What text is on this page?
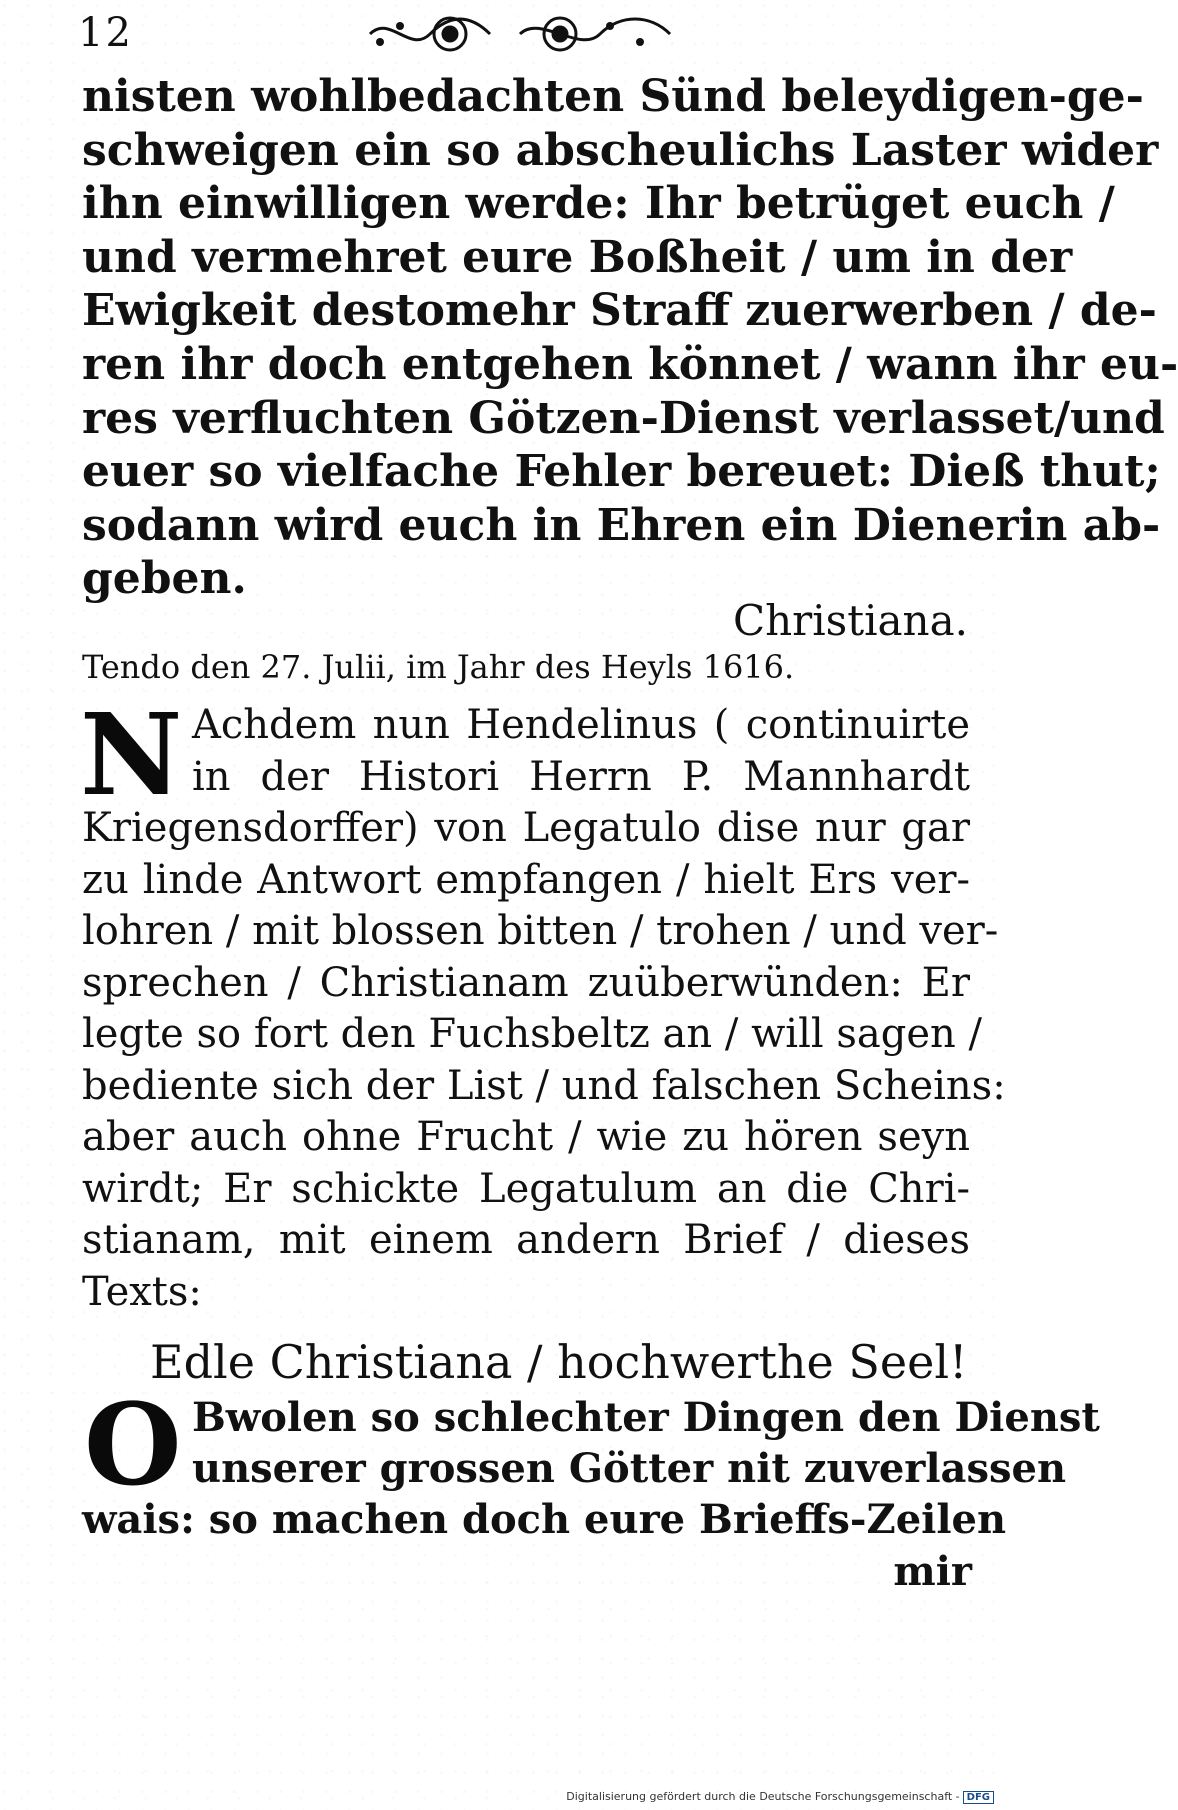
12
nisten wohlbedachten Sünd beleydigen-ge-
schweigen ein so abscheulichs Laster wider
ihn einwilligen werde: Ihr betrüget euch /
und vermehret eure Boßheit / um in der
Ewigkeit destomehr Straff zuerwerben / de-
ren ihr doch entgehen könnet / wann ihr eu-
res verfluchten Götzen-Dienst verlasset/und
euer so vielfache Fehler bereuet: Dieß thut;
sodann wird euch in Ehren ein Dienerin ab-
geben.
Christiana.
Tendo den 27. Julii, im Jahr des Heyls 1616.
N Achdem nun Hendelinus ( continuirte
in der Histori Herrn P. Mannhardt
Kriegensdorffer) von Legatulo dise nur gar
zu linde Antwort empfangen / hielt Ers ver-
lohren / mit blossen bitten / trohen / und ver-
sprechen / Christianam zuüberwünden: Er
legte so fort den Fuchsbeltz an / will sagen /
bediente sich der List / und falschen Scheins:
aber auch ohne Frucht / wie zu hören seyn
wirdt; Er schickte Legatulum an die Chri-
stianam, mit einem andern Brief / dieses
Texts:
Edle Christiana / hochwerthe Seel!
O Bwolen so schlechter Dingen den Dienst
unserer grossen Götter nit zuverlassen
wais: so machen doch eure Brieffs-Zeilen
mir
Digitalisierung gefördert durch die Deutsche Forschungsgemeinschaft - DFG
